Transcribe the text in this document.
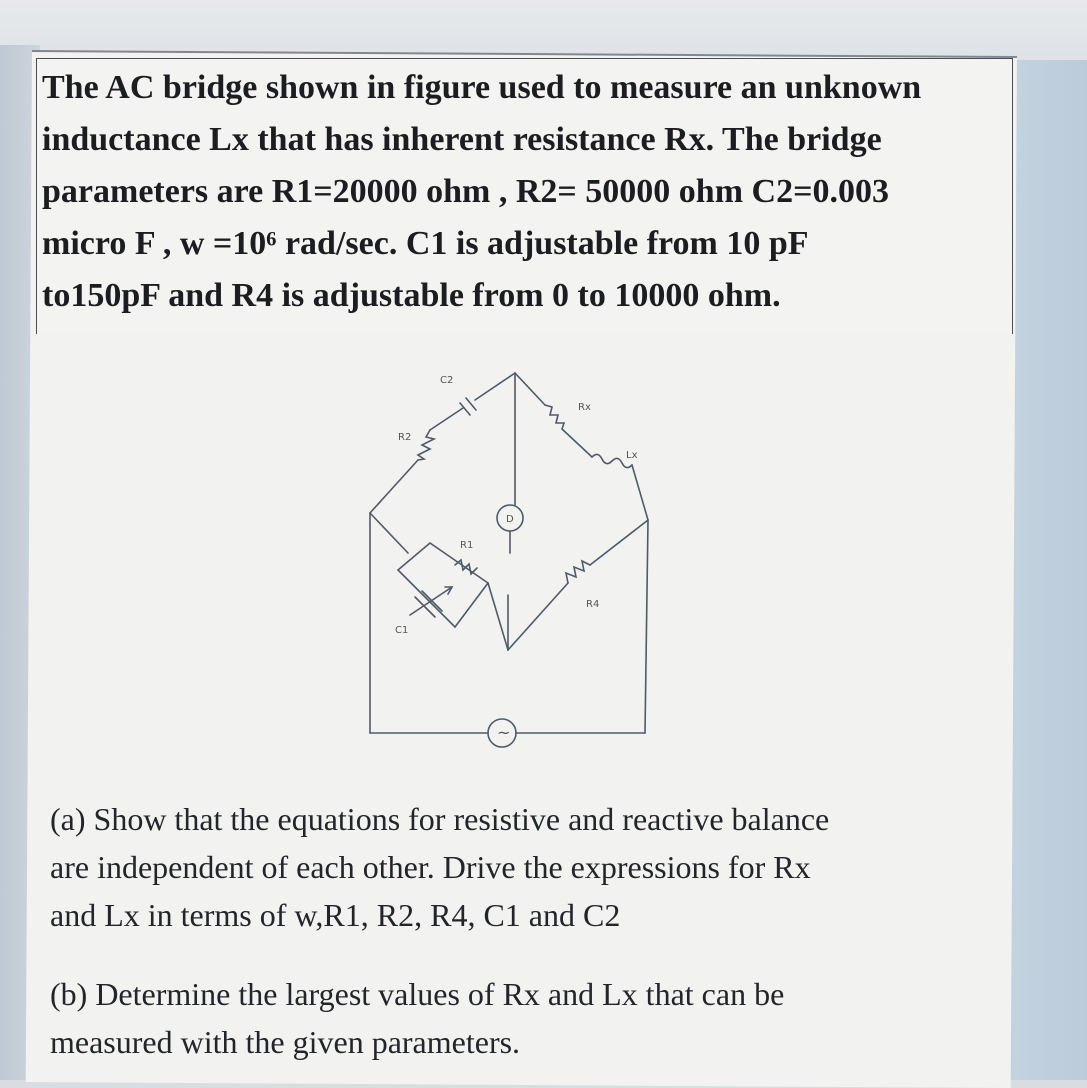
The AC bridge shown in figure used to measure an unknown
inductance Lx that has inherent resistance Rx. The bridge
parameters are R1=20000 ohm , R2= 50000 ohm C2=0.003
micro F , w =10⁶ rad/sec. C1 is adjustable from 10 pF
to150pF and R4 is adjustable from 0 to 10000 ohm.
C2
R2
Rx
Lx
R1
C1
R4
D
~
(a) Show that the equations for resistive and reactive balance
are independent of each other. Drive the expressions for Rx
and Lx in terms of w,R1, R2, R4, C1 and C2
(b) Determine the largest values of Rx and Lx that can be
measured with the given parameters.
